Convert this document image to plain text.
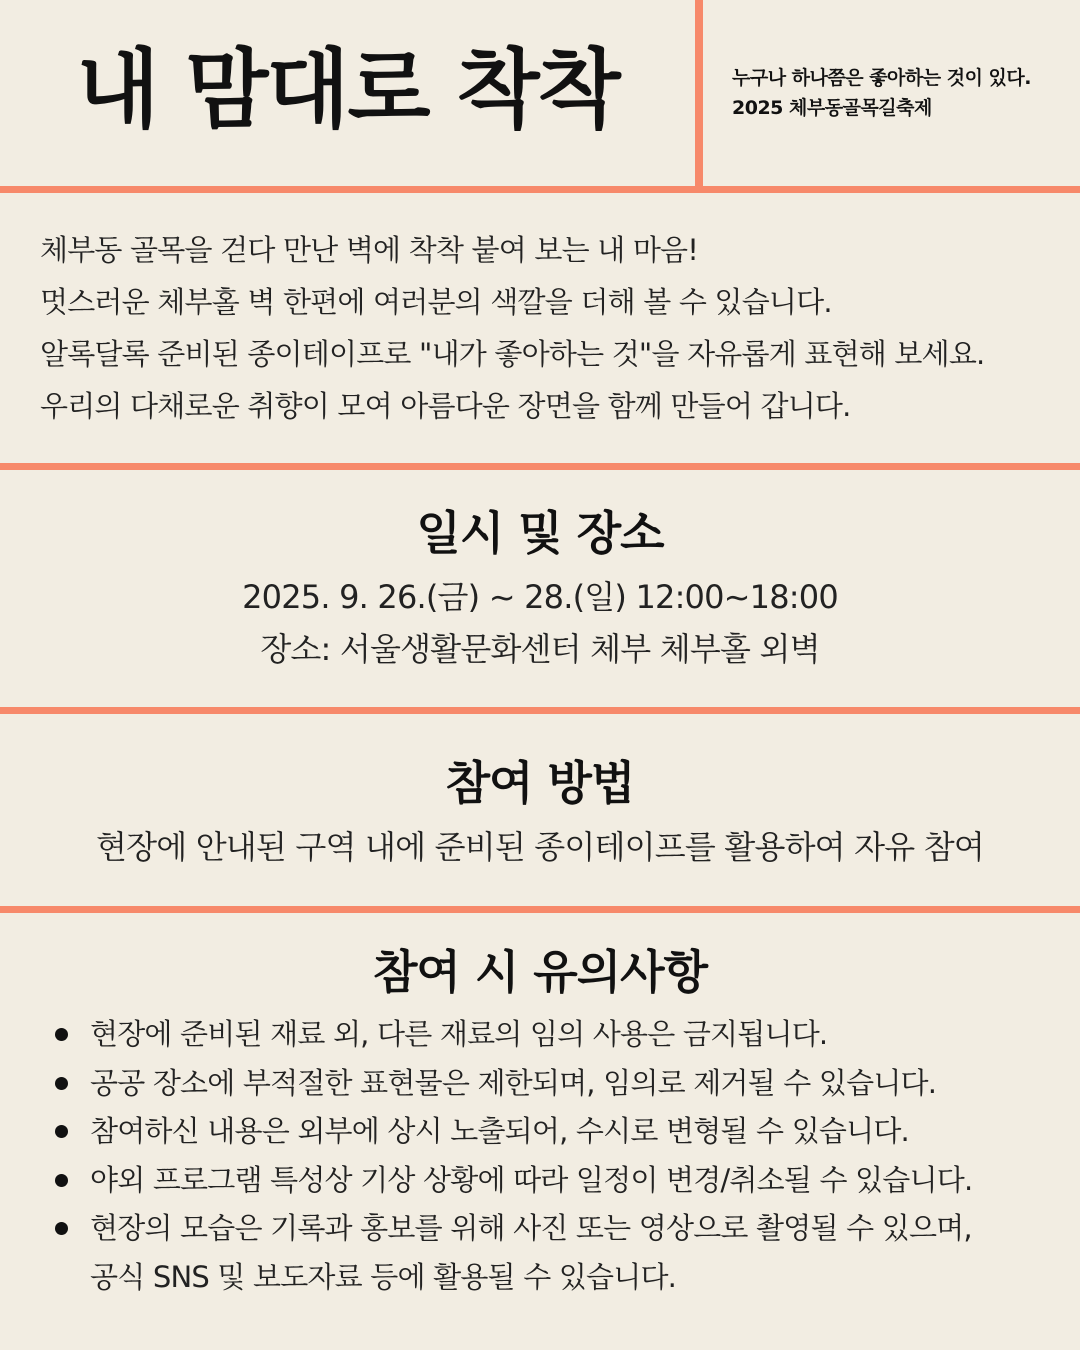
내 맘대로 착착	누구나 하나쯤은 좋아하는 것이 있다.
2025 체부동골목길축제
체부동 골목을 걷다 만난 벽에 착착 붙여 보는 내 마음!
멋스러운 체부홀 벽 한편에 여러분의 색깔을 더해 볼 수 있습니다.
알록달록 준비된 종이테이프로 "내가 좋아하는 것"을 자유롭게 표현해 보세요.
우리의 다채로운 취향이 모여 아름다운 장면을 함께 만들어 갑니다.
일시 및 장소
2025. 9. 26.(금) ~ 28.(일) 12:00~18:00
장소: 서울생활문화센터 체부 체부홀 외벽
참여 방법
현장에 안내된 구역 내에 준비된 종이테이프를 활용하여 자유 참여
참여 시 유의사항
현장에 준비된 재료 외, 다른 재료의 임의 사용은 금지됩니다.
공공 장소에 부적절한 표현물은 제한되며, 임의로 제거될 수 있습니다.
참여하신 내용은 외부에 상시 노출되어, 수시로 변형될 수 있습니다.
야외 프로그램 특성상 기상 상황에 따라 일정이 변경/취소될 수 있습니다.
현장의 모습은 기록과 홍보를 위해 사진 또는 영상으로 촬영될 수 있으며,
공식 SNS 및 보도자료 등에 활용될 수 있습니다.
